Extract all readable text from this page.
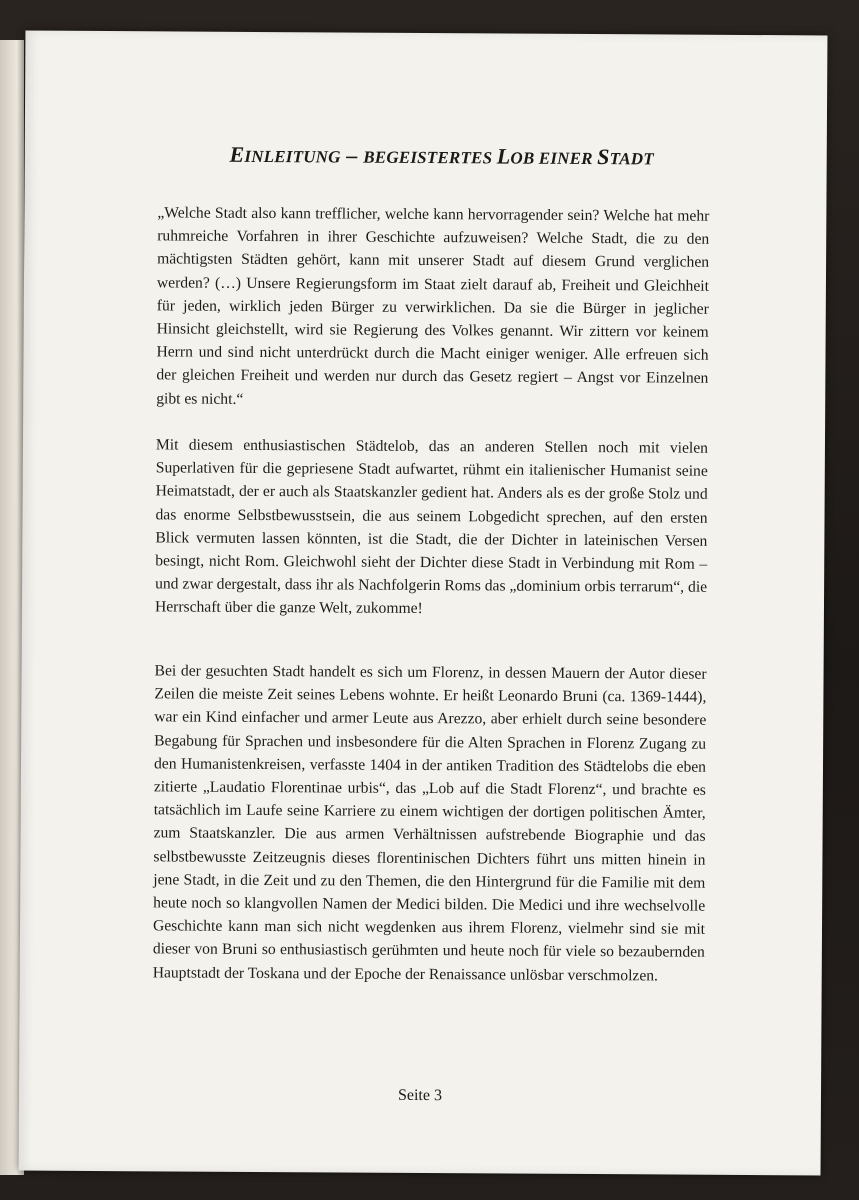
EINLEITUNG – BEGEISTERTES LOB EINER STADT

„Welche Stadt also kann trefflicher, welche kann hervorragender sein? Welche hat mehr ruhmreiche Vorfahren in ihrer Geschichte aufzuweisen? Welche Stadt, die zu den mächtigsten Städten gehört, kann mit unserer Stadt auf diesem Grund verglichen werden? (…) Unsere Regierungsform im Staat zielt darauf ab, Freiheit und Gleichheit für jeden, wirklich jeden Bürger zu verwirklichen. Da sie die Bürger in jeglicher Hinsicht gleichstellt, wird sie Regierung des Volkes genannt. Wir zittern vor keinem Herrn und sind nicht unterdrückt durch die Macht einiger weniger. Alle erfreuen sich der gleichen Freiheit und werden nur durch das Gesetz regiert – Angst vor Einzelnen gibt es nicht.“

Mit diesem enthusiastischen Städtelob, das an anderen Stellen noch mit vielen Superlativen für die gepriesene Stadt aufwartet, rühmt ein italienischer Humanist seine Heimatstadt, der er auch als Staatskanzler gedient hat. Anders als es der große Stolz und das enorme Selbstbewusstsein, die aus seinem Lobgedicht sprechen, auf den ersten Blick vermuten lassen könnten, ist die Stadt, die der Dichter in lateinischen Versen besingt, nicht Rom. Gleichwohl sieht der Dichter diese Stadt in Verbindung mit Rom – und zwar dergestalt, dass ihr als Nachfolgerin Roms das „dominium orbis terrarum“, die Herrschaft über die ganze Welt, zukomme!

Bei der gesuchten Stadt handelt es sich um Florenz, in dessen Mauern der Autor dieser Zeilen die meiste Zeit seines Lebens wohnte. Er heißt Leonardo Bruni (ca. 1369-1444), war ein Kind einfacher und armer Leute aus Arezzo, aber erhielt durch seine besondere Begabung für Sprachen und insbesondere für die Alten Sprachen in Florenz Zugang zu den Humanistenkreisen, verfasste 1404 in der antiken Tradition des Städtelobs die eben zitierte „Laudatio Florentinae urbis“, das „Lob auf die Stadt Florenz“, und brachte es tatsächlich im Laufe seine Karriere zu einem wichtigen der dortigen politischen Ämter, zum Staatskanzler. Die aus armen Verhältnissen aufstrebende Biographie und das selbstbewusste Zeitzeugnis dieses florentinischen Dichters führt uns mitten hinein in jene Stadt, in die Zeit und zu den Themen, die den Hintergrund für die Familie mit dem heute noch so klangvollen Namen der Medici bilden. Die Medici und ihre wechselvolle Geschichte kann man sich nicht wegdenken aus ihrem Florenz, vielmehr sind sie mit dieser von Bruni so enthusiastisch gerühmten und heute noch für viele so bezaubernden Hauptstadt der Toskana und der Epoche der Renaissance unlösbar verschmolzen.

Seite 3
